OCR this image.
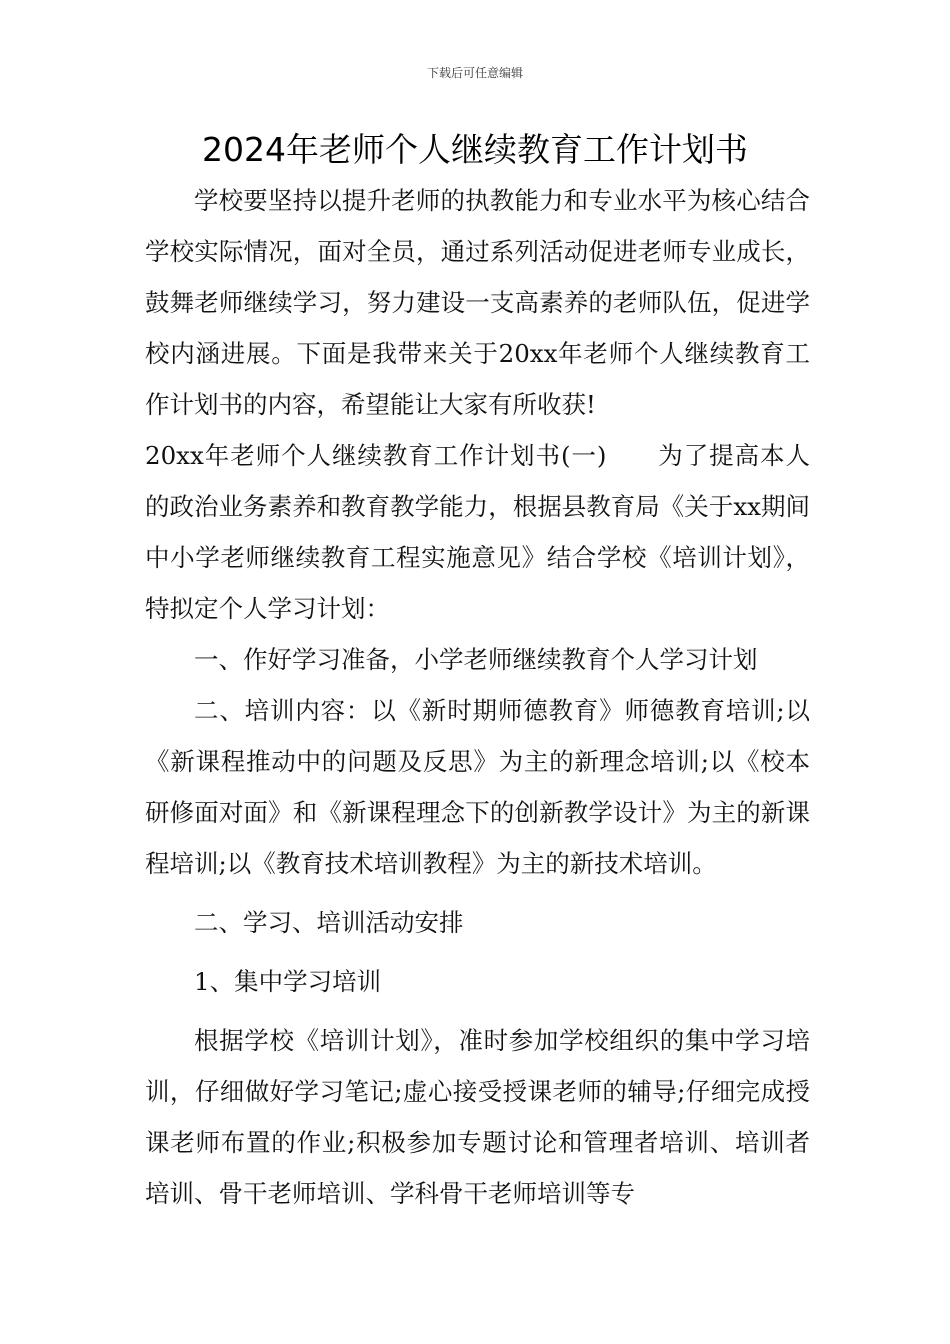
下载后可任意编辑
2024年老师个人继续教育工作计划书

学校要坚持以提升老师的执教能力和专业水平为核心结合学校实际情况，面对全员，通过系列活动促进老师专业成长，鼓舞老师继续学习，努力建设一支高素养的老师队伍，促进学校内涵进展。下面是我带来关于20xx年老师个人继续教育工作计划书的内容，希望能让大家有所收获!

20xx年老师个人继续教育工作计划书(一)　　为了提高本人的政治业务素养和教育教学能力，根据县教育局《关于xx期间中小学老师继续教育工程实施意见》结合学校《培训计划》，特拟定个人学习计划：

一、作好学习准备，小学老师继续教育个人学习计划

二、培训内容：以《新时期师德教育》师德教育培训;以《新课程推动中的问题及反思》为主的新理念培训;以《校本研修面对面》和《新课程理念下的创新教学设计》为主的新课程培训;以《教育技术培训教程》为主的新技术培训。

二、学习、培训活动安排

1、集中学习培训

根据学校《培训计划》，准时参加学校组织的集中学习培训，仔细做好学习笔记;虚心接受授课老师的辅导;仔细完成授课老师布置的作业;积极参加专题讨论和管理者培训、培训者培训、骨干老师培训、学科骨干老师培训等专
